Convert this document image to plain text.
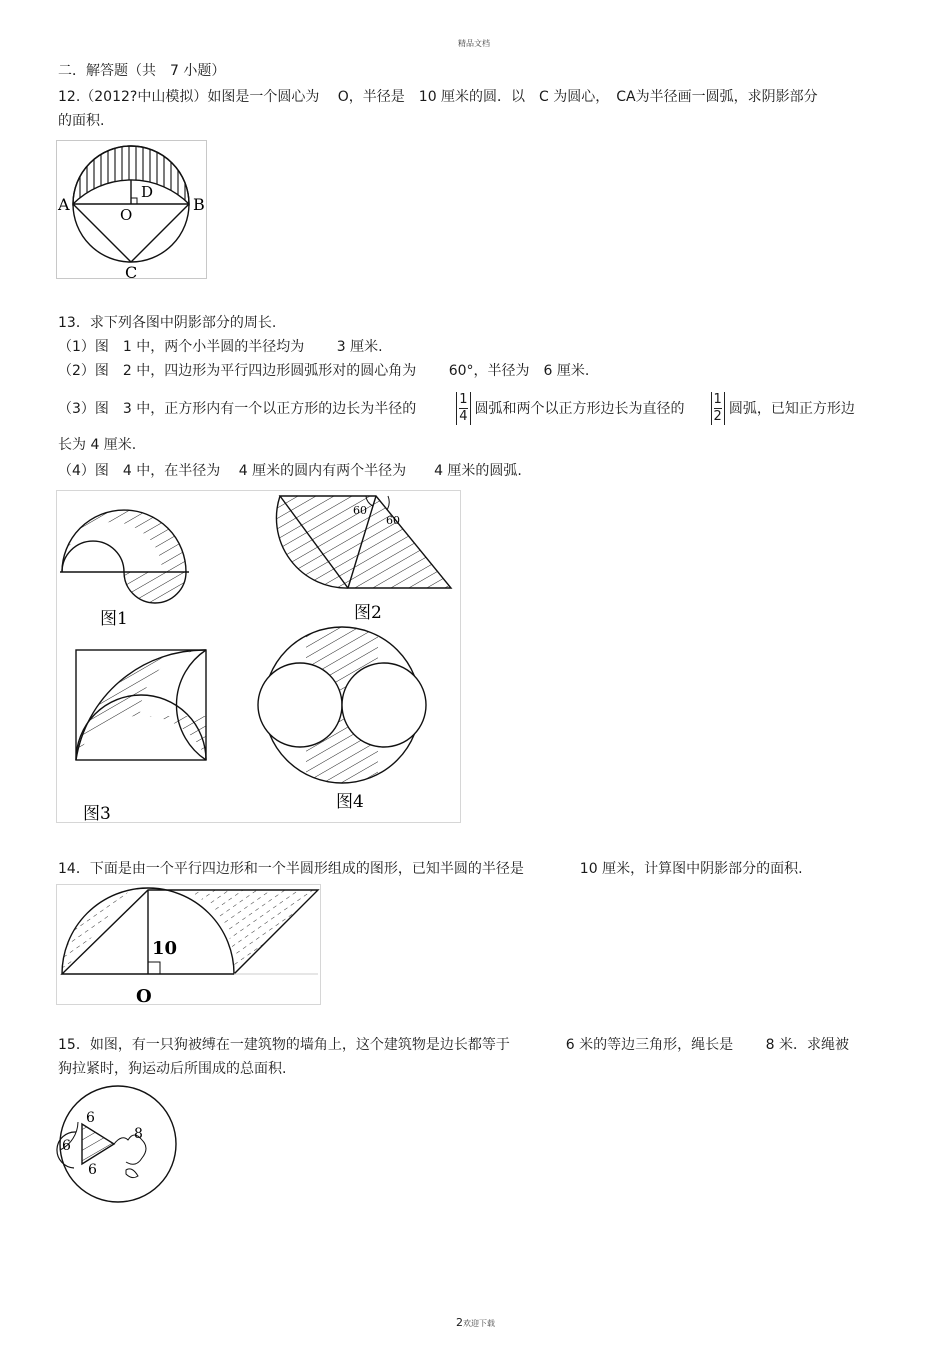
精品文档
二．解答题（共　7 小题）
12.（2012?中山模拟）如图是一个圆心为　 O，半径是　10 厘米的圆．以　C 为圆心，　CA为半径画一圆弧，求阴影部分
的面积.
A	B
C
D
O
13．求下列各图中阴影部分的周长.
（1）图　1 中，两个小半圆的半径均为　　 3 厘米.
（2）图　2 中，四边形为平行四边形圆弧形对的圆心角为　　 60°，半径为　6 厘米.
（3）图　3 中，正方形内有一个以正方形的边长为半径的	$\frac{1}{4}$ 圆弧和两个以正方形边长为直径的 $\frac{1}{2}$ 圆弧，已知正方形边
长为 4 厘米.
（4）图　4 中，在半径为　 4 厘米的圆内有两个半径为　　4 厘米的圆弧.
图1
60
60
图2
图3
图4
14．下面是由一个平行四边形和一个半圆形组成的图形，已知半圆的半径是　　　　10 厘米，计算图中阴影部分的面积.
10
O
15．如图，有一只狗被缚在一建筑物的墙角上，这个建筑物是边长都等于　　　　6 米的等边三角形，绳长是　　 8 米．求绳被
狗拉紧时，狗运动后所围成的总面积.
6
6
6
8
2欢迎下载
